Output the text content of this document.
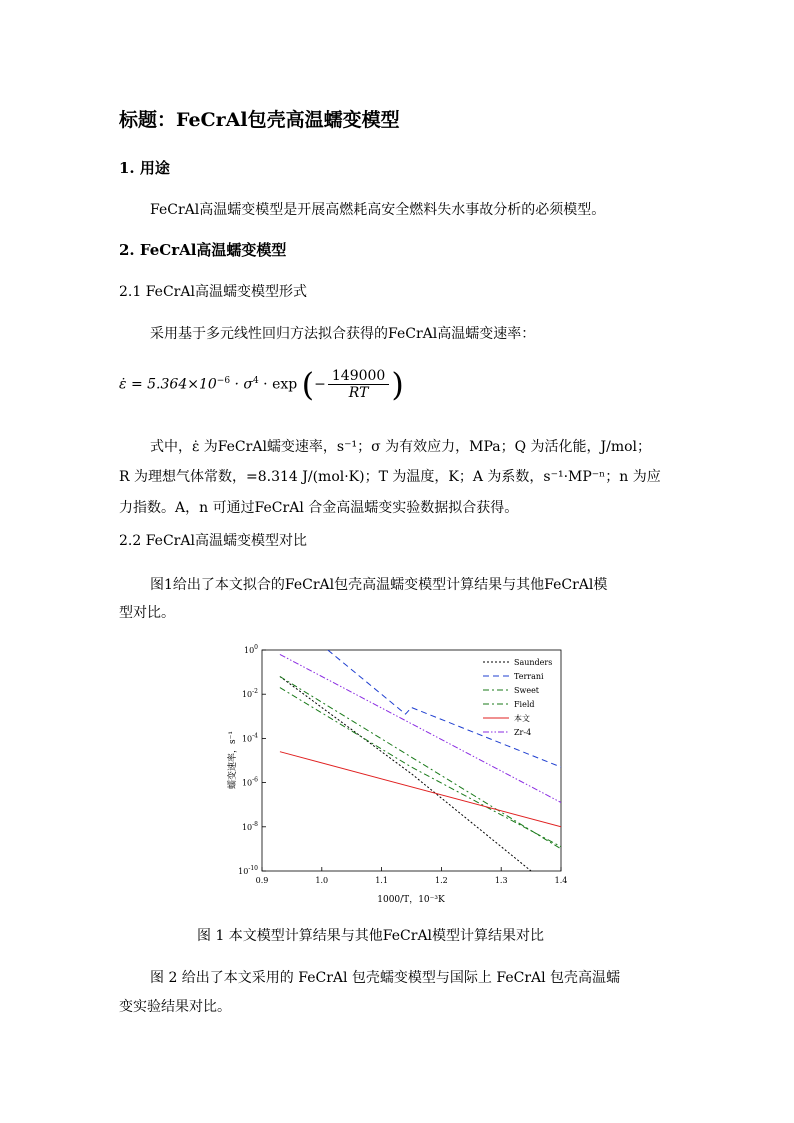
标题：FeCrAl包壳高温蠕变模型
1. 用途
FeCrAl高温蠕变模型是开展高燃耗高安全燃料失水事故分析的必须模型。
2. FeCrAl高温蠕变模型
2.1 FeCrAl高温蠕变模型形式
采用基于多元线性回归方法拟合获得的FeCrAl高温蠕变速率：
ε̇ = $5.364\times 10^{-6} \cdot \sigma^4 \cdot \exp$ (− $\frac{149000}{RT}$ )
式中，ε̇ 为FeCrAl蠕变速率，s⁻¹；σ 为有效应力，MPa；Q 为活化能，J/mol；
R 为理想气体常数，=8.314 J/(mol·K)；T 为温度，K；A 为系数，s⁻¹·MP⁻ⁿ；n 为应
力指数。A，n 可通过FeCrAl 合金高温蠕变实验数据拟合获得。
2.2 FeCrAl高温蠕变模型对比
图1给出了本文拟合的FeCrAl包壳高温蠕变模型计算结果与其他FeCrAl模
型对比。
0.9	1.0	1.1	1.2	1.3	1.4
$10^0$
$10^{-2}$
$10^{-4}$
$10^{-6}$
$10^{-8}$
$10^{-10}$
Saunders
Terrani
Sweet
Field
本文
Zr-4
1000/T，10⁻³K
蠕变速率，s⁻¹
图 1 本文模型计算结果与其他FeCrAl模型计算结果对比
图 2 给出了本文采用的 FeCrAl 包壳蠕变模型与国际上 FeCrAl 包壳高温蠕
变实验结果对比。
